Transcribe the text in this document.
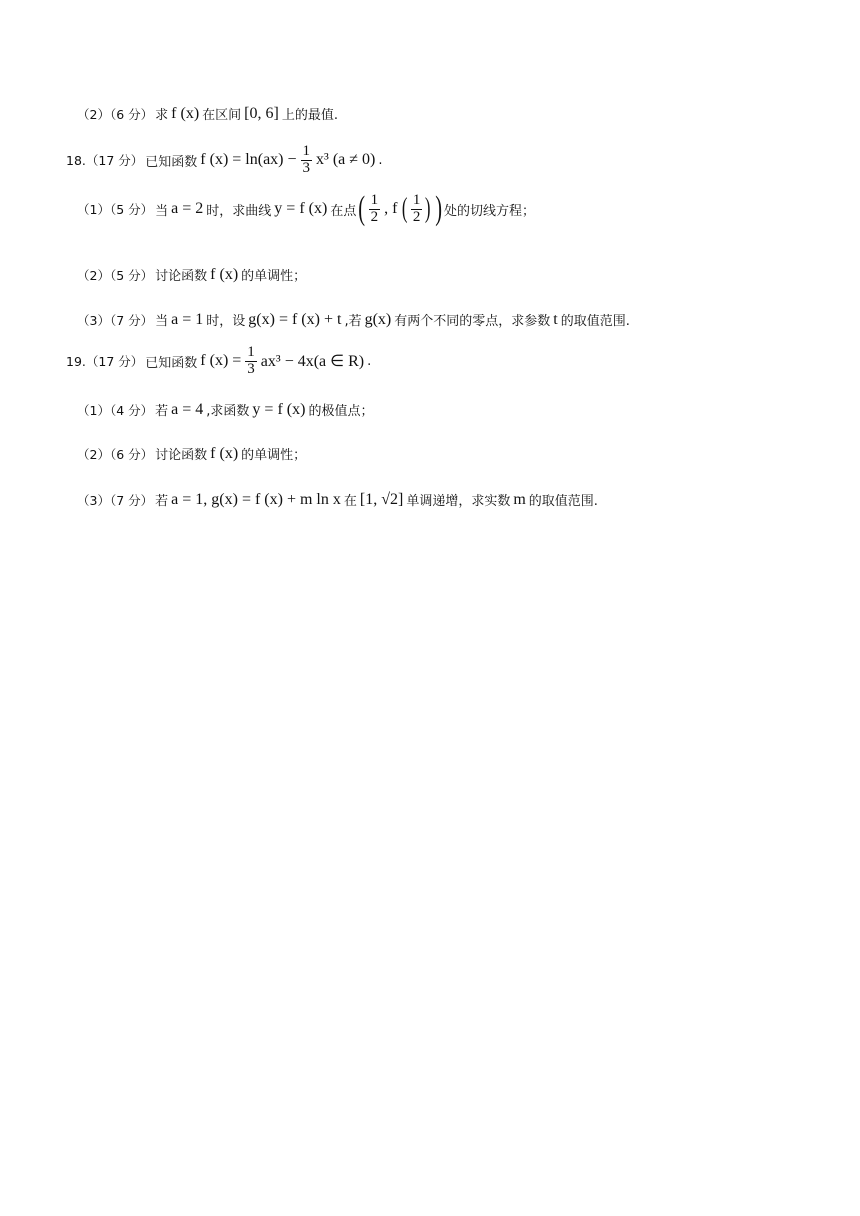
（2）（6 分） 求 f (x) 在区间 [0, 6] 上的最值.
18.（17 分） 已知函数 f $(x) = \ln(ax) - \frac{1}{3} x^3$ (a ≠ 0) .
（1）（5 分） 当 a = 2 时，求曲线 y = f (x) 在点 ( $\frac{1}{2}$ , f ( $\frac{1}{2}$ ) ) 处的切线方程；
（2）（5 分） 讨论函数 f (x) 的单调性；
（3）（7 分） 当 a = 1 时，设 g(x) = f (x) + t ,若 g(x) 有两个不同的零点，求参数 t 的取值范围.
19.（17 分） 已知函数 f $(x) = \frac{1}{3} ax^3 - 4x(a$ ∈ R) .
（1）（4 分） 若 a = 4 ,求函数 y = f (x) 的极值点；
（2）（6 分） 讨论函数 f (x) 的单调性；
（3）（7 分） 若 a = 1, g(x) = f (x) + m ln x 在 [1, √2] 单调递增，求实数 m 的取值范围.
